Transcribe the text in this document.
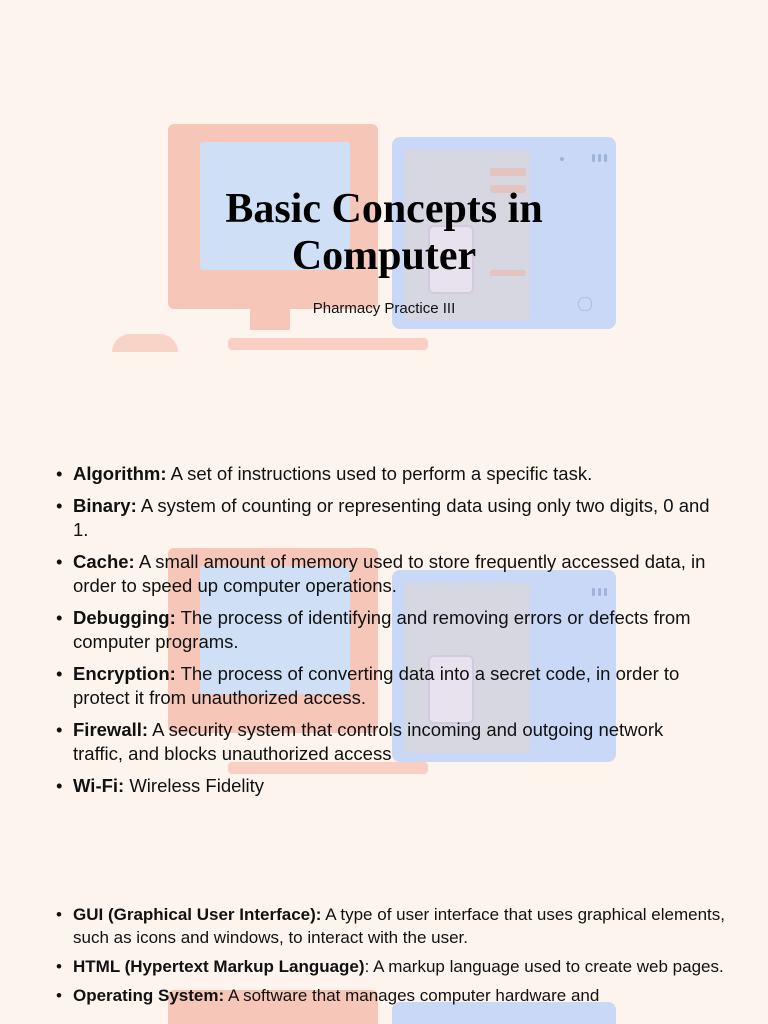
Basic Concepts in
Computer
Pharmacy Practice III
• Algorithm: A set of instructions used to perform a specific task.
• Binary: A system of counting or representing data using only two digits, 0 and 1.
• Cache: A small amount of memory used to store frequently accessed data, in order to speed up computer operations.
• Debugging: The process of identifying and removing errors or defects from computer programs.
• Encryption: The process of converting data into a secret code, in order to protect it from unauthorized access.
• Firewall: A security system that controls incoming and outgoing network traffic, and blocks unauthorized access
• Wi-Fi: Wireless Fidelity
• GUI (Graphical User Interface): A type of user interface that uses graphical elements, such as icons and windows, to interact with the user.
• HTML (Hypertext Markup Language): A markup language used to create web pages.
• Operating System: A software that manages computer hardware and
